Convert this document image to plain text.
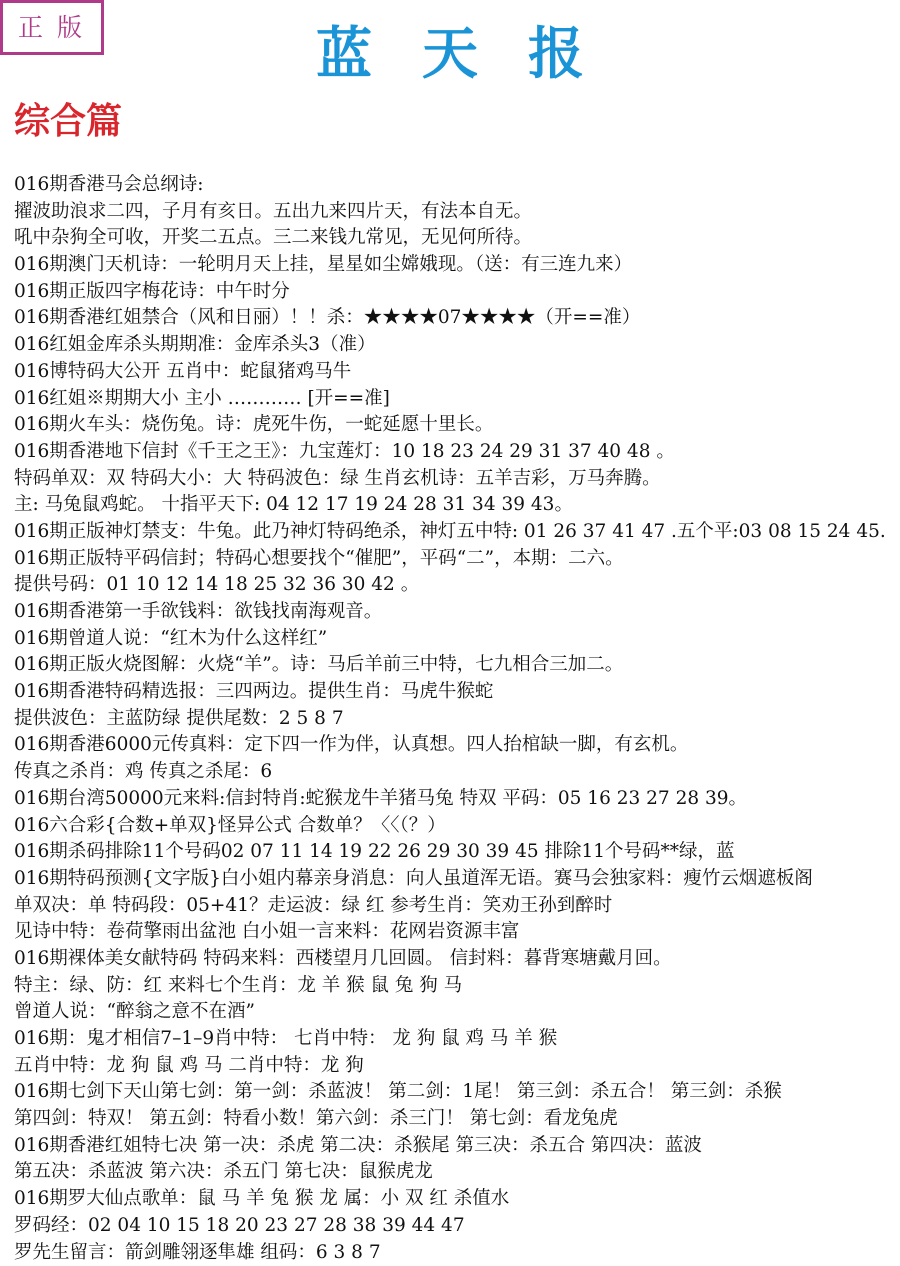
正版	蓝天报
综合篇
016期香港马会总纲诗:
擢波助浪求二四，子月有亥日。五出九来四片天，有法本自无。
吼中杂狗全可收，开奖二五点。三二来钱九常见，无见何所待。
016期澳门天机诗：一轮明月天上挂，星星如尘嫦娥现。（送：有三连九来）
016期正版四字梅花诗：中午时分
016期香港红姐禁合（风和日丽）！！杀：★★★★07★★★★（开==准）
016红姐金库杀头期期准：金库杀头3（准）
016博特码大公开 五肖中：蛇鼠猪鸡马牛
016红姐※期期大小 主小 ………… [开==准]
016期火车头：烧伤兔。诗：虎死牛伤，一蛇延愿十里长。
016期香港地下信封《千王之王》：九宝莲灯：10 18 23 24 29 31 37 40 48 。
特码单双：双 特码大小：大 特码波色：绿 生肖玄机诗：五羊吉彩，万马奔腾。
主: 马兔鼠鸡蛇。 十指平天下: 04 12 17 19 24 28 31 34 39 43。
016期正版神灯禁支：牛兔。此乃神灯特码绝杀，神灯五中特: 01 26 37 41 47 .五个平:03 08 15 24 45.
016期正版特平码信封；特码心想要找个“催肥”，平码“二”，本期：二六。
提供号码：01 10 12 14 18 25 32 36 30 42 。
016期香港第一手欲钱料：欲钱找南海观音。
016期曾道人说：“红木为什么这样红”
016期正版火烧图解：火烧“羊”。诗：马后羊前三中特，七九相合三加二。
016期香港特码精选报：三四两边。提供生肖：马虎牛猴蛇
提供波色：主蓝防绿 提供尾数：2 5 8 7
016期香港6000元传真料：定下四一作为伴，认真想。四人抬棺缺一脚，有玄机。
传真之杀肖：鸡 传真之杀尾：6
016期台湾50000元来料:信封特肖:蛇猴龙牛羊猪马兔 特双 平码：05 16 23 27 28 39。
016六合彩{合数+单双}怪异公式 合数单？〈〈（？）
016期杀码排除11个号码02 07 11 14 19 22 26 29 30 39 45 排除11个号码**绿，蓝
016期特码预测{文字版}白小姐内幕亲身消息：向人虽道浑无语。赛马会独家料：瘦竹云烟遮板阁
单双决：单 特码段：05+41？走运波：绿 红 参考生肖：笑劝王孙到醉时
见诗中特：卷荷擎雨出盆池 白小姐一言来料：花网岩资源丰富
016期裸体美女献特码 特码来料：西楼望月几回圆。 信封料：暮背寒塘戴月回。
特主：绿、防：红 来料七个生肖：龙 羊 猴 鼠 兔 狗 马
曾道人说：“醉翁之意不在酒”
016期：鬼才相信7–1–9肖中特： 七肖中特： 龙 狗 鼠 鸡 马 羊 猴
五肖中特：龙 狗 鼠 鸡 马 二肖中特：龙 狗
016期七剑下天山第七剑：第一剑：杀蓝波！ 第二剑：1尾！ 第三剑：杀五合！ 第三剑：杀猴
第四剑：特双！ 第五剑：特看小数！第六剑：杀三门！ 第七剑：看龙兔虎
016期香港红姐特七决 第一决：杀虎 第二决：杀猴尾 第三决：杀五合 第四决：蓝波
第五决：杀蓝波 第六决：杀五门 第七决：鼠猴虎龙
016期罗大仙点歌单：鼠 马 羊 兔 猴 龙 属：小 双 红 杀值水
罗码经：02 04 10 15 18 20 23 27 28 38 39 44 47
罗先生留言：箭剑雕翎逐隼雄 组码：6 3 8 7
